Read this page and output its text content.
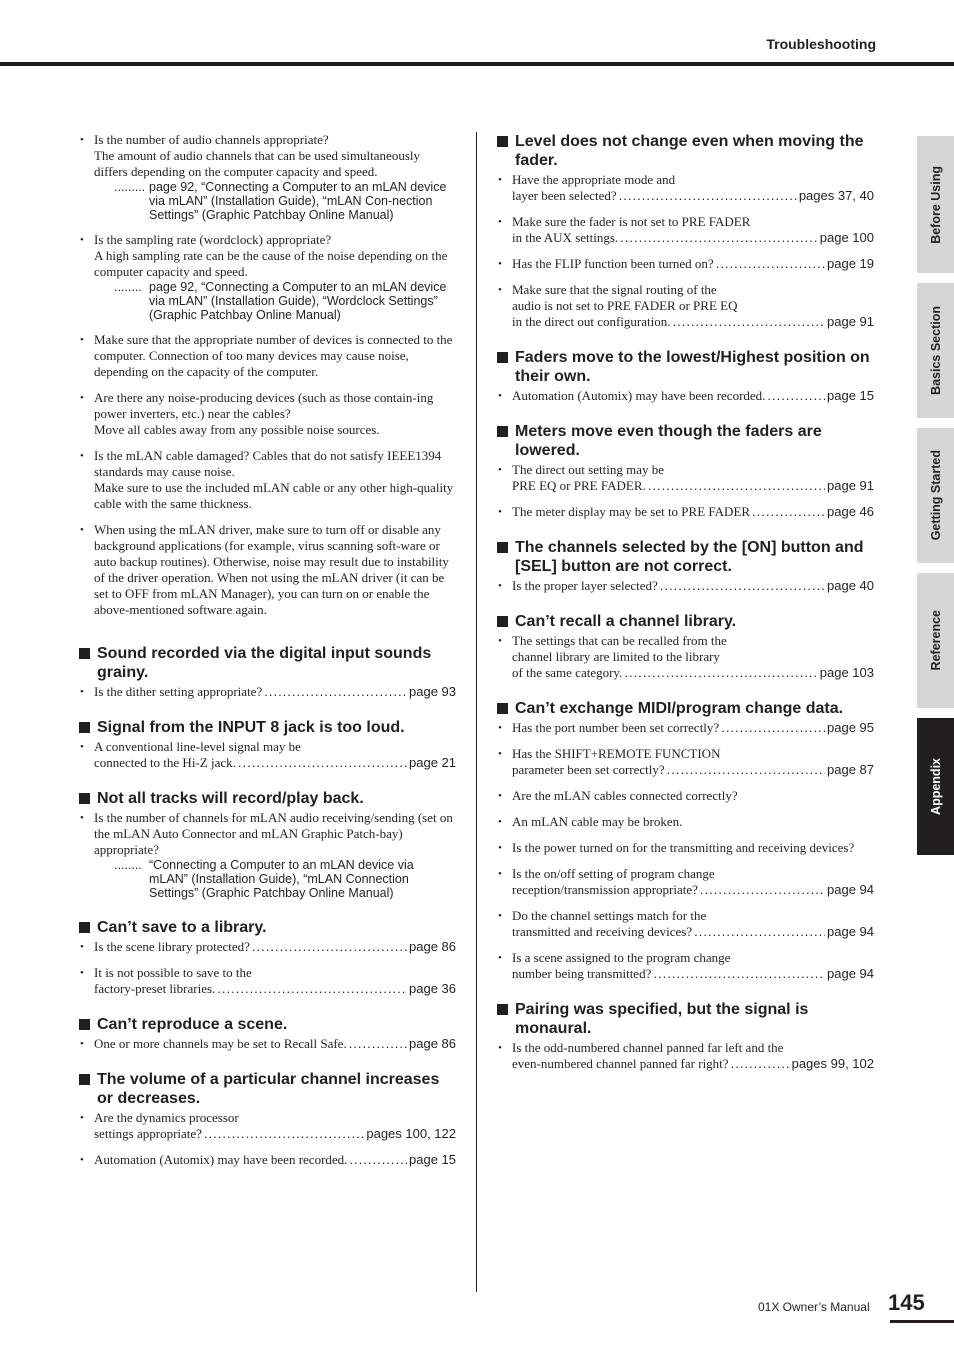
Troubleshooting

• Is the number of audio channels appropriate?

The amount of audio channels that can be used simultaneously differs depending on the computer capacity and speed.

......... page 92, “Connecting a Computer to an mLAN device via mLAN” (Installation Guide), “mLAN Con-nection Settings” (Graphic Patchbay Online Manual)

• Is the sampling rate (wordclock) appropriate?

A high sampling rate can be the cause of the noise depending on the computer capacity and speed.

........ page 92, “Connecting a Computer to an mLAN device via mLAN” (Installation Guide), “Wordclock Settings” (Graphic Patchbay Online Manual)

• Make sure that the appropriate number of devices is connected to the computer. Connection of too many devices may cause noise, depending on the capacity of the computer.

• Are there any noise-producing devices (such as those contain-ing power inverters, etc.) near the cables?

Move all cables away from any possible noise sources.

• Is the mLAN cable damaged? Cables that do not satisfy IEEE1394 standards may cause noise.

Make sure to use the included mLAN cable or any other high-quality cable with the same thickness.

• When using the mLAN driver, make sure to turn off or disable any background applications (for example, virus scanning soft-ware or auto backup routines). Otherwise, noise may result due to instability of the driver operation. When not using the mLAN driver (it can be set to OFF from mLAN Manager), you can turn on or enable the above-mentioned software again.

Sound recorded via the digital input sounds grainy.
• Is the dither setting appropriate? .....	page 93
Signal from the INPUT 8 jack is too loud.

• A conventional line-level signal may be

connected to the Hi-Z jack. .....	page 21
Not all tracks will record/play back.

• Is the number of channels for mLAN audio receiving/sending (set on the mLAN Auto Connector and mLAN Graphic Patch-bay) appropriate?

........ “Connecting a Computer to an mLAN device via mLAN” (Installation Guide), “mLAN Connection Settings” (Graphic Patchbay Online Manual)
Can’t save to a library.
• Is the scene library protected? .....	page 86

• It is not possible to save to the

factory-preset libraries. .....	page 36
Can’t reproduce a scene.
• One or more channels may be set to Recall Safe. .....	page 86
The volume of a particular channel increases or decreases.

• Are the dynamics processor

settings appropriate? .....	pages 100, 122
• Automation (Automix) may have been recorded. .....	page 15
Level does not change even when moving the fader.

• Have the appropriate mode and

layer been selected? .....	pages 37, 40

• Make sure the fader is not set to PRE FADER

in the AUX settings. .....	page 100
• Has the FLIP function been turned on? .....	page 19

• Make sure that the signal routing of the

audio is not set to PRE FADER or PRE EQ

in the direct out configuration. .....	page 91
Faders move to the lowest/Highest position on their own.
• Automation (Automix) may have been recorded. .....	page 15
Meters move even though the faders are lowered.

• The direct out setting may be

PRE EQ or PRE FADER. .....	page 91
• The meter display may be set to PRE FADER .....	page 46
The channels selected by the [ON] button and [SEL] button are not correct.
• Is the proper layer selected? .....	page 40
Can’t recall a channel library.

• The settings that can be recalled from the

channel library are limited to the library

of the same category. .....	page 103
Can’t exchange MIDI/program change data.
• Has the port number been set correctly? .....	page 95

• Has the SHIFT+REMOTE FUNCTION

parameter been set correctly? .....	page 87

• Are the mLAN cables connected correctly?

• An mLAN cable may be broken.

• Is the power turned on for the transmitting and receiving devices?

• Is the on/off setting of program change

reception/transmission appropriate? .....	page 94

• Do the channel settings match for the

transmitted and receiving devices? .....	page 94

• Is a scene assigned to the program change

number being transmitted? .....	page 94
Pairing was specified, but the signal is monaural.

• Is the odd-numbered channel panned far left and the

even-numbered channel panned far right? .....	pages 99, 102
Before Using
Basics Section
Getting Started
Reference
Appendix
01X Owner’s Manual 145
